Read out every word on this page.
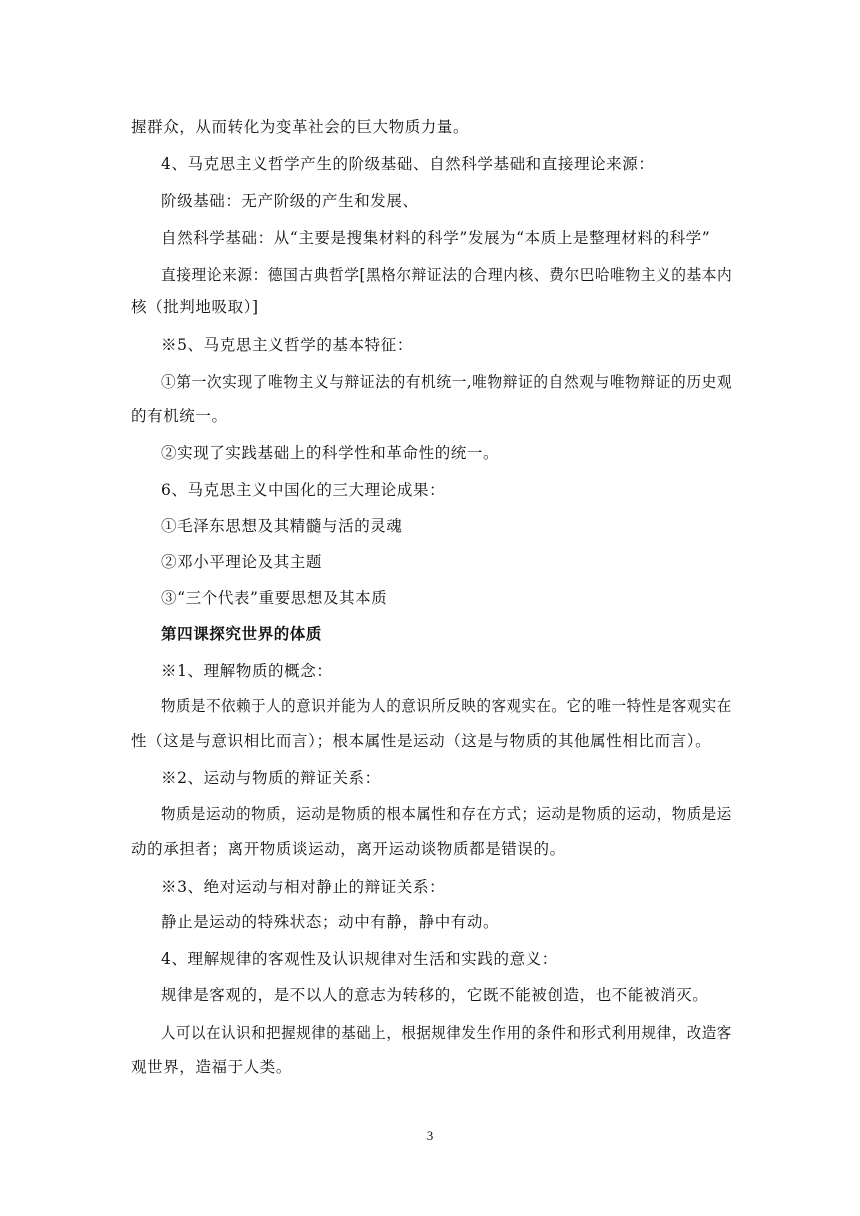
握群众，从而转化为变革社会的巨大物质力量。
4、马克思主义哲学产生的阶级基础、自然科学基础和直接理论来源：
阶级基础：无产阶级的产生和发展、
自然科学基础：从“主要是搜集材料的科学”发展为“本质上是整理材料的科学”
直接理论来源：德国古典哲学[黑格尔辩证法的合理内核、费尔巴哈唯物主义的基本内
核（批判地吸取）]
※5、马克思主义哲学的基本特征：
①第一次实现了唯物主义与辩证法的有机统一,唯物辩证的自然观与唯物辩证的历史观
的有机统一。
②实现了实践基础上的科学性和革命性的统一。
6、马克思主义中国化的三大理论成果：
①毛泽东思想及其精髓与活的灵魂
②邓小平理论及其主题
③“三个代表”重要思想及其本质
第四课探究世界的体质
※1、理解物质的概念：
物质是不依赖于人的意识并能为人的意识所反映的客观实在。它的唯一特性是客观实在
性（这是与意识相比而言）；根本属性是运动（这是与物质的其他属性相比而言）。
※2、运动与物质的辩证关系：
物质是运动的物质，运动是物质的根本属性和存在方式；运动是物质的运动，物质是运
动的承担者；离开物质谈运动，离开运动谈物质都是错误的。
※3、绝对运动与相对静止的辩证关系：
静止是运动的特殊状态；动中有静，静中有动。
4、理解规律的客观性及认识规律对生活和实践的意义：
规律是客观的，是不以人的意志为转移的，它既不能被创造，也不能被消灭。
人可以在认识和把握规律的基础上，根据规律发生作用的条件和形式利用规律，改造客
观世界，造福于人类。
3
